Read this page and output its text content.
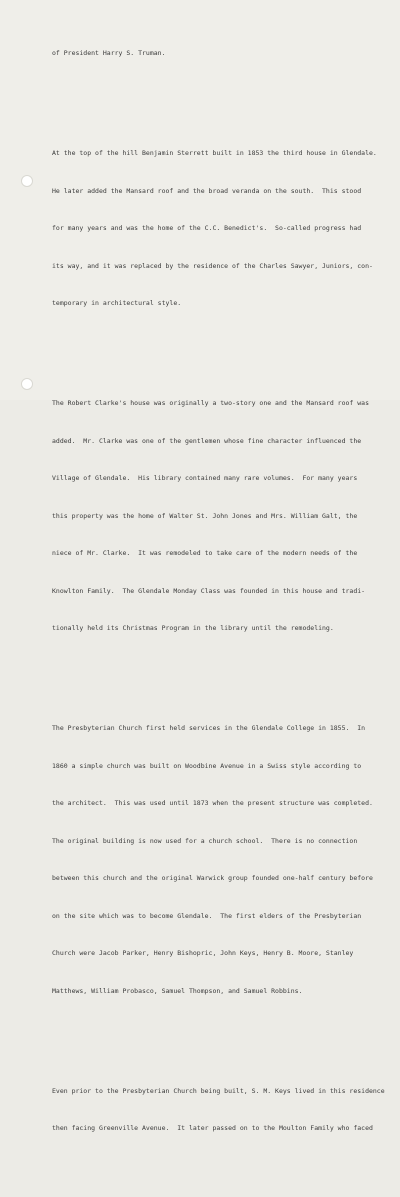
of President Harry S. Truman.

At the top of the hill Benjamin Sterrett built in 1853 the third house in Glendale.

He later added the Mansard roof and the broad veranda on the south.  This stood

for many years and was the home of the C.C. Benedict's.  So-called progress had

its way, and it was replaced by the residence of the Charles Sawyer, Juniors, con-

temporary in architectural style.

The Robert Clarke's house was originally a two-story one and the Mansard roof was

added.  Mr. Clarke was one of the gentlemen whose fine character influenced the

Village of Glendale.  His library contained many rare volumes.  For many years

this property was the home of Walter St. John Jones and Mrs. William Galt, the

niece of Mr. Clarke.  It was remodeled to take care of the modern needs of the

Knowlton Family.  The Glendale Monday Class was founded in this house and tradi-

tionally held its Christmas Program in the library until the remodeling.

The Presbyterian Church first held services in the Glendale College in 1855.  In

1860 a simple church was built on Woodbine Avenue in a Swiss style according to

the architect.  This was used until 1873 when the present structure was completed.

The original building is now used for a church school.  There is no connection

between this church and the original Warwick group founded one-half century before

on the site which was to become Glendale.  The first elders of the Presbyterian

Church were Jacob Parker, Henry Bishopric, John Keys, Henry B. Moore, Stanley

Matthews, William Probasco, Samuel Thompson, and Samuel Robbins.

Even prior to the Presbyterian Church being built, S. M. Keys lived in this residence

then facing Greenville Avenue.  It later passed on to the Moulton Family who faced
